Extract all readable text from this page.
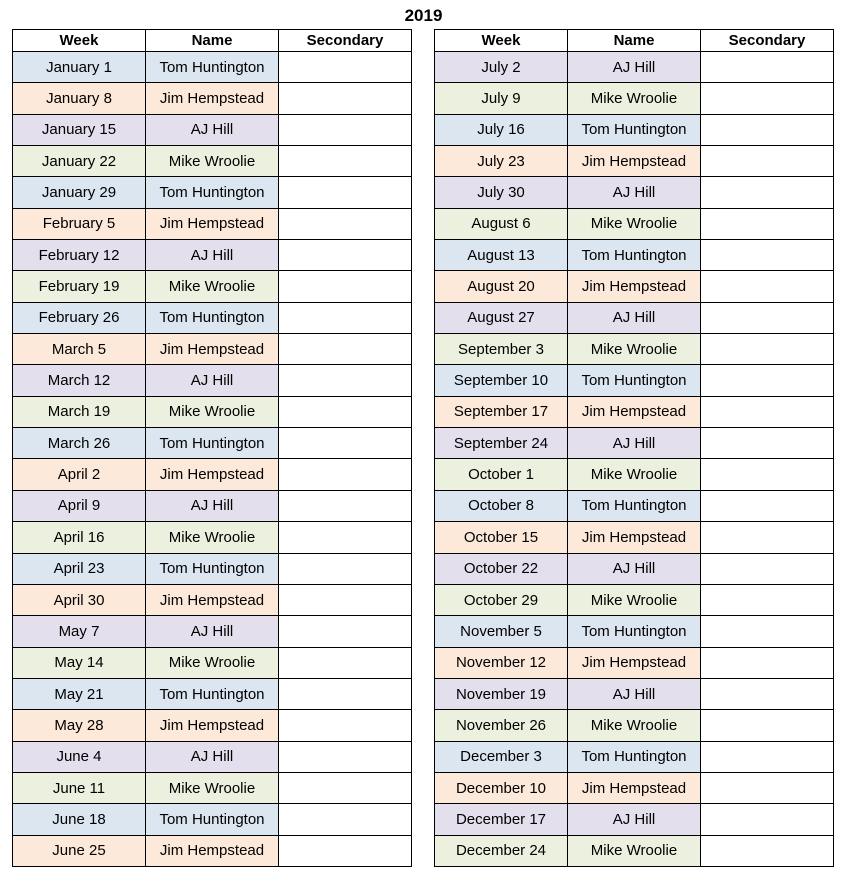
2019
Week	Name	Secondary
January 1	Tom Huntington	
January 8	Jim Hempstead	
January 15	AJ Hill	
January 22	Mike Wroolie	
January 29	Tom Huntington	
February 5	Jim Hempstead	
February 12	AJ Hill	
February 19	Mike Wroolie	
February 26	Tom Huntington	
March 5	Jim Hempstead	
March 12	AJ Hill	
March 19	Mike Wroolie	
March 26	Tom Huntington	
April 2	Jim Hempstead	
April 9	AJ Hill	
April 16	Mike Wroolie	
April 23	Tom Huntington	
April 30	Jim Hempstead	
May 7	AJ Hill	
May 14	Mike Wroolie	
May 21	Tom Huntington	
May 28	Jim Hempstead	
June 4	AJ Hill	
June 11	Mike Wroolie	
June 18	Tom Huntington	
June 25	Jim Hempstead	
Week	Name	Secondary
July 2	AJ Hill	
July 9	Mike Wroolie	
July 16	Tom Huntington	
July 23	Jim Hempstead	
July 30	AJ Hill	
August 6	Mike Wroolie	
August 13	Tom Huntington	
August 20	Jim Hempstead	
August 27	AJ Hill	
September 3	Mike Wroolie	
September 10	Tom Huntington	
September 17	Jim Hempstead	
September 24	AJ Hill	
October 1	Mike Wroolie	
October 8	Tom Huntington	
October 15	Jim Hempstead	
October 22	AJ Hill	
October 29	Mike Wroolie	
November 5	Tom Huntington	
November 12	Jim Hempstead	
November 19	AJ Hill	
November 26	Mike Wroolie	
December 3	Tom Huntington	
December 10	Jim Hempstead	
December 17	AJ Hill	
December 24	Mike Wroolie	
